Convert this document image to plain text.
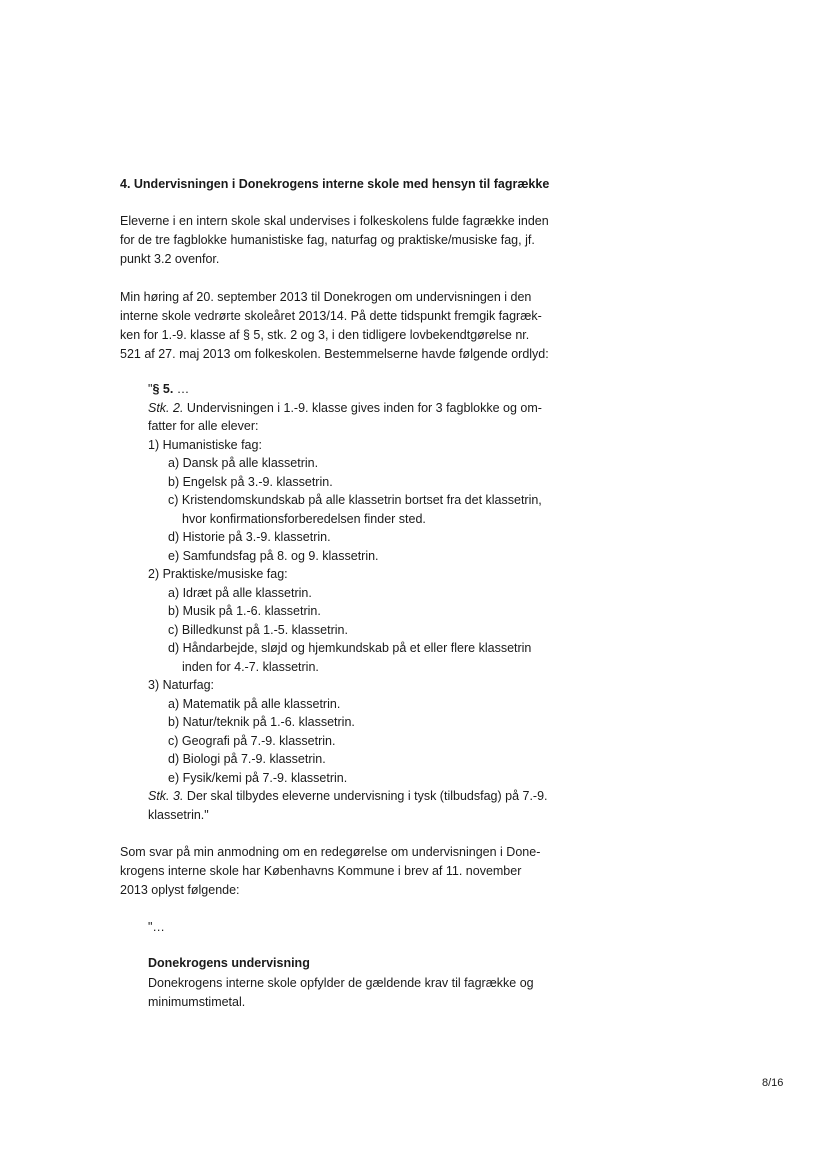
4. Undervisningen i Donekrogens interne skole med hensyn til fagrække
Eleverne i en intern skole skal undervises i folkeskolens fulde fagrække inden
for de tre fagblokke humanistiske fag, naturfag og praktiske/musiske fag, jf.
punkt 3.2 ovenfor.
Min høring af 20. september 2013 til Donekrogen om undervisningen i den
interne skole vedrørte skoleåret 2013/14. På dette tidspunkt fremgik fagræk-
ken for 1.-9. klasse af § 5, stk. 2 og 3, i den tidligere lovbekendtgørelse nr.
521 af 27. maj 2013 om folkeskolen. Bestemmelserne havde følgende ordlyd:
"§ 5. …
Stk. 2. Undervisningen i 1.-9. klasse gives inden for 3 fagblokke og om-
fatter for alle elever:
1) Humanistiske fag:
a) Dansk på alle klassetrin.
b) Engelsk på 3.-9. klassetrin.
c) Kristendomskundskab på alle klassetrin bortset fra det klassetrin,
hvor konfirmationsforberedelsen finder sted.
d) Historie på 3.-9. klassetrin.
e) Samfundsfag på 8. og 9. klassetrin.
2) Praktiske/musiske fag:
a) Idræt på alle klassetrin.
b) Musik på 1.-6. klassetrin.
c) Billedkunst på 1.-5. klassetrin.
d) Håndarbejde, sløjd og hjemkundskab på et eller flere klassetrin
inden for 4.-7. klassetrin.
3) Naturfag:
a) Matematik på alle klassetrin.
b) Natur/teknik på 1.-6. klassetrin.
c) Geografi på 7.-9. klassetrin.
d) Biologi på 7.-9. klassetrin.
e) Fysik/kemi på 7.-9. klassetrin.
Stk. 3. Der skal tilbydes eleverne undervisning i tysk (tilbudsfag) på 7.-9.
klassetrin."
Som svar på min anmodning om en redegørelse om undervisningen i Done-
krogens interne skole har Københavns Kommune i brev af 11. november
2013 oplyst følgende:
"…
Donekrogens undervisning
Donekrogens interne skole opfylder de gældende krav til fagrække og
minimumstimetal.
8/16
